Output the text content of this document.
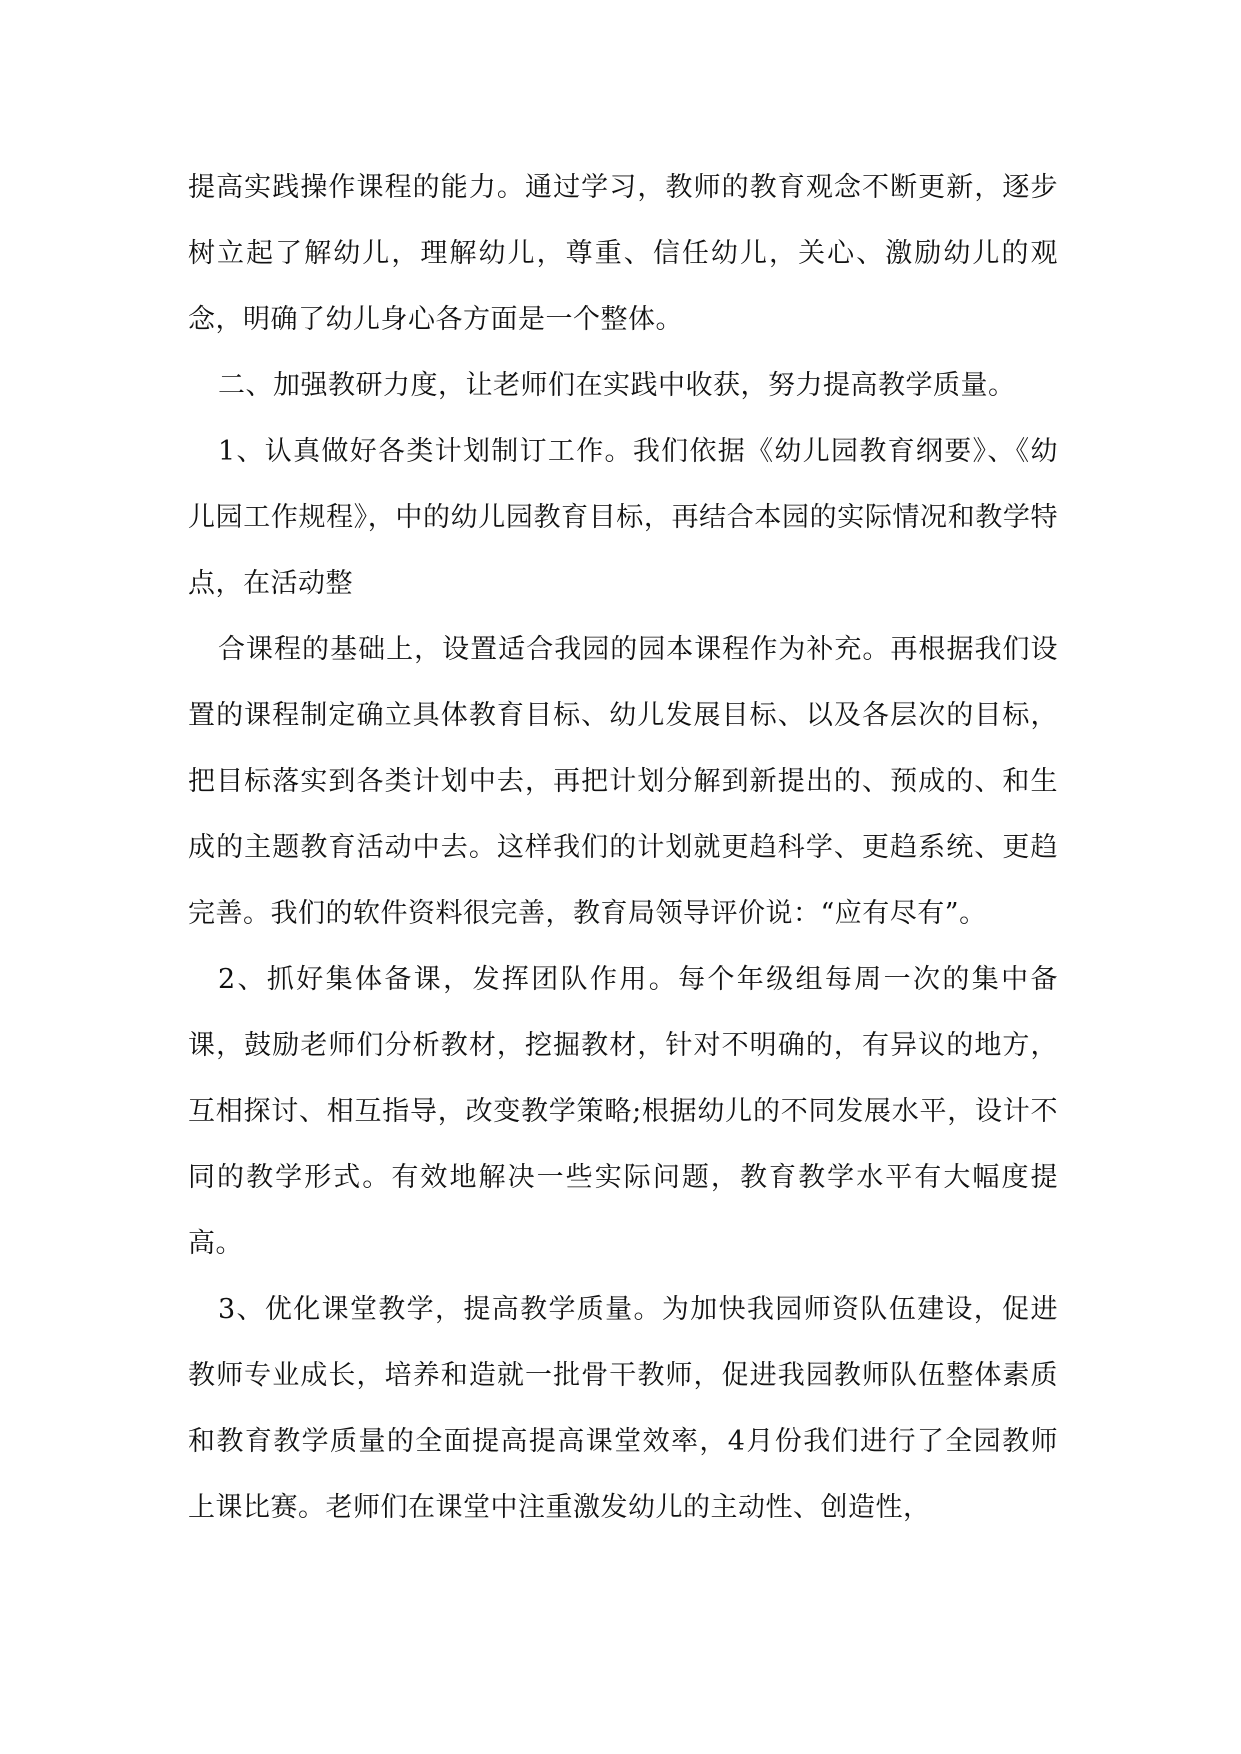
提高实践操作课程的能力。通过学习，教师的教育观念不断更新，逐步树立起了解幼儿，理解幼儿，尊重、信任幼儿，关心、激励幼儿的观念，明确了幼儿身心各方面是一个整体。

二、加强教研力度，让老师们在实践中收获，努力提高教学质量。

1、认真做好各类计划制订工作。我们依据《幼儿园教育纲要》、《幼儿园工作规程》，中的幼儿园教育目标，再结合本园的实际情况和教学特点，在活动整

合课程的基础上，设置适合我园的园本课程作为补充。再根据我们设置的课程制定确立具体教育目标、幼儿发展目标、以及各层次的目标，把目标落实到各类计划中去，再把计划分解到新提出的、预成的、和生成的主题教育活动中去。这样我们的计划就更趋科学、更趋系统、更趋完善。我们的软件资料很完善，教育局领导评价说：“应有尽有”。

2、抓好集体备课，发挥团队作用。每个年级组每周一次的集中备课，鼓励老师们分析教材，挖掘教材，针对不明确的，有异议的地方，互相探讨、相互指导，改变教学策略;根据幼儿的不同发展水平，设计不同的教学形式。有效地解决一些实际问题，教育教学水平有大幅度提高。

3、优化课堂教学，提高教学质量。为加快我园师资队伍建设，促进教师专业成长，培养和造就一批骨干教师，促进我园教师队伍整体素质和教育教学质量的全面提高提高课堂效率，4月份我们进行了全园教师上课比赛。老师们在课堂中注重激发幼儿的主动性、创造性，
